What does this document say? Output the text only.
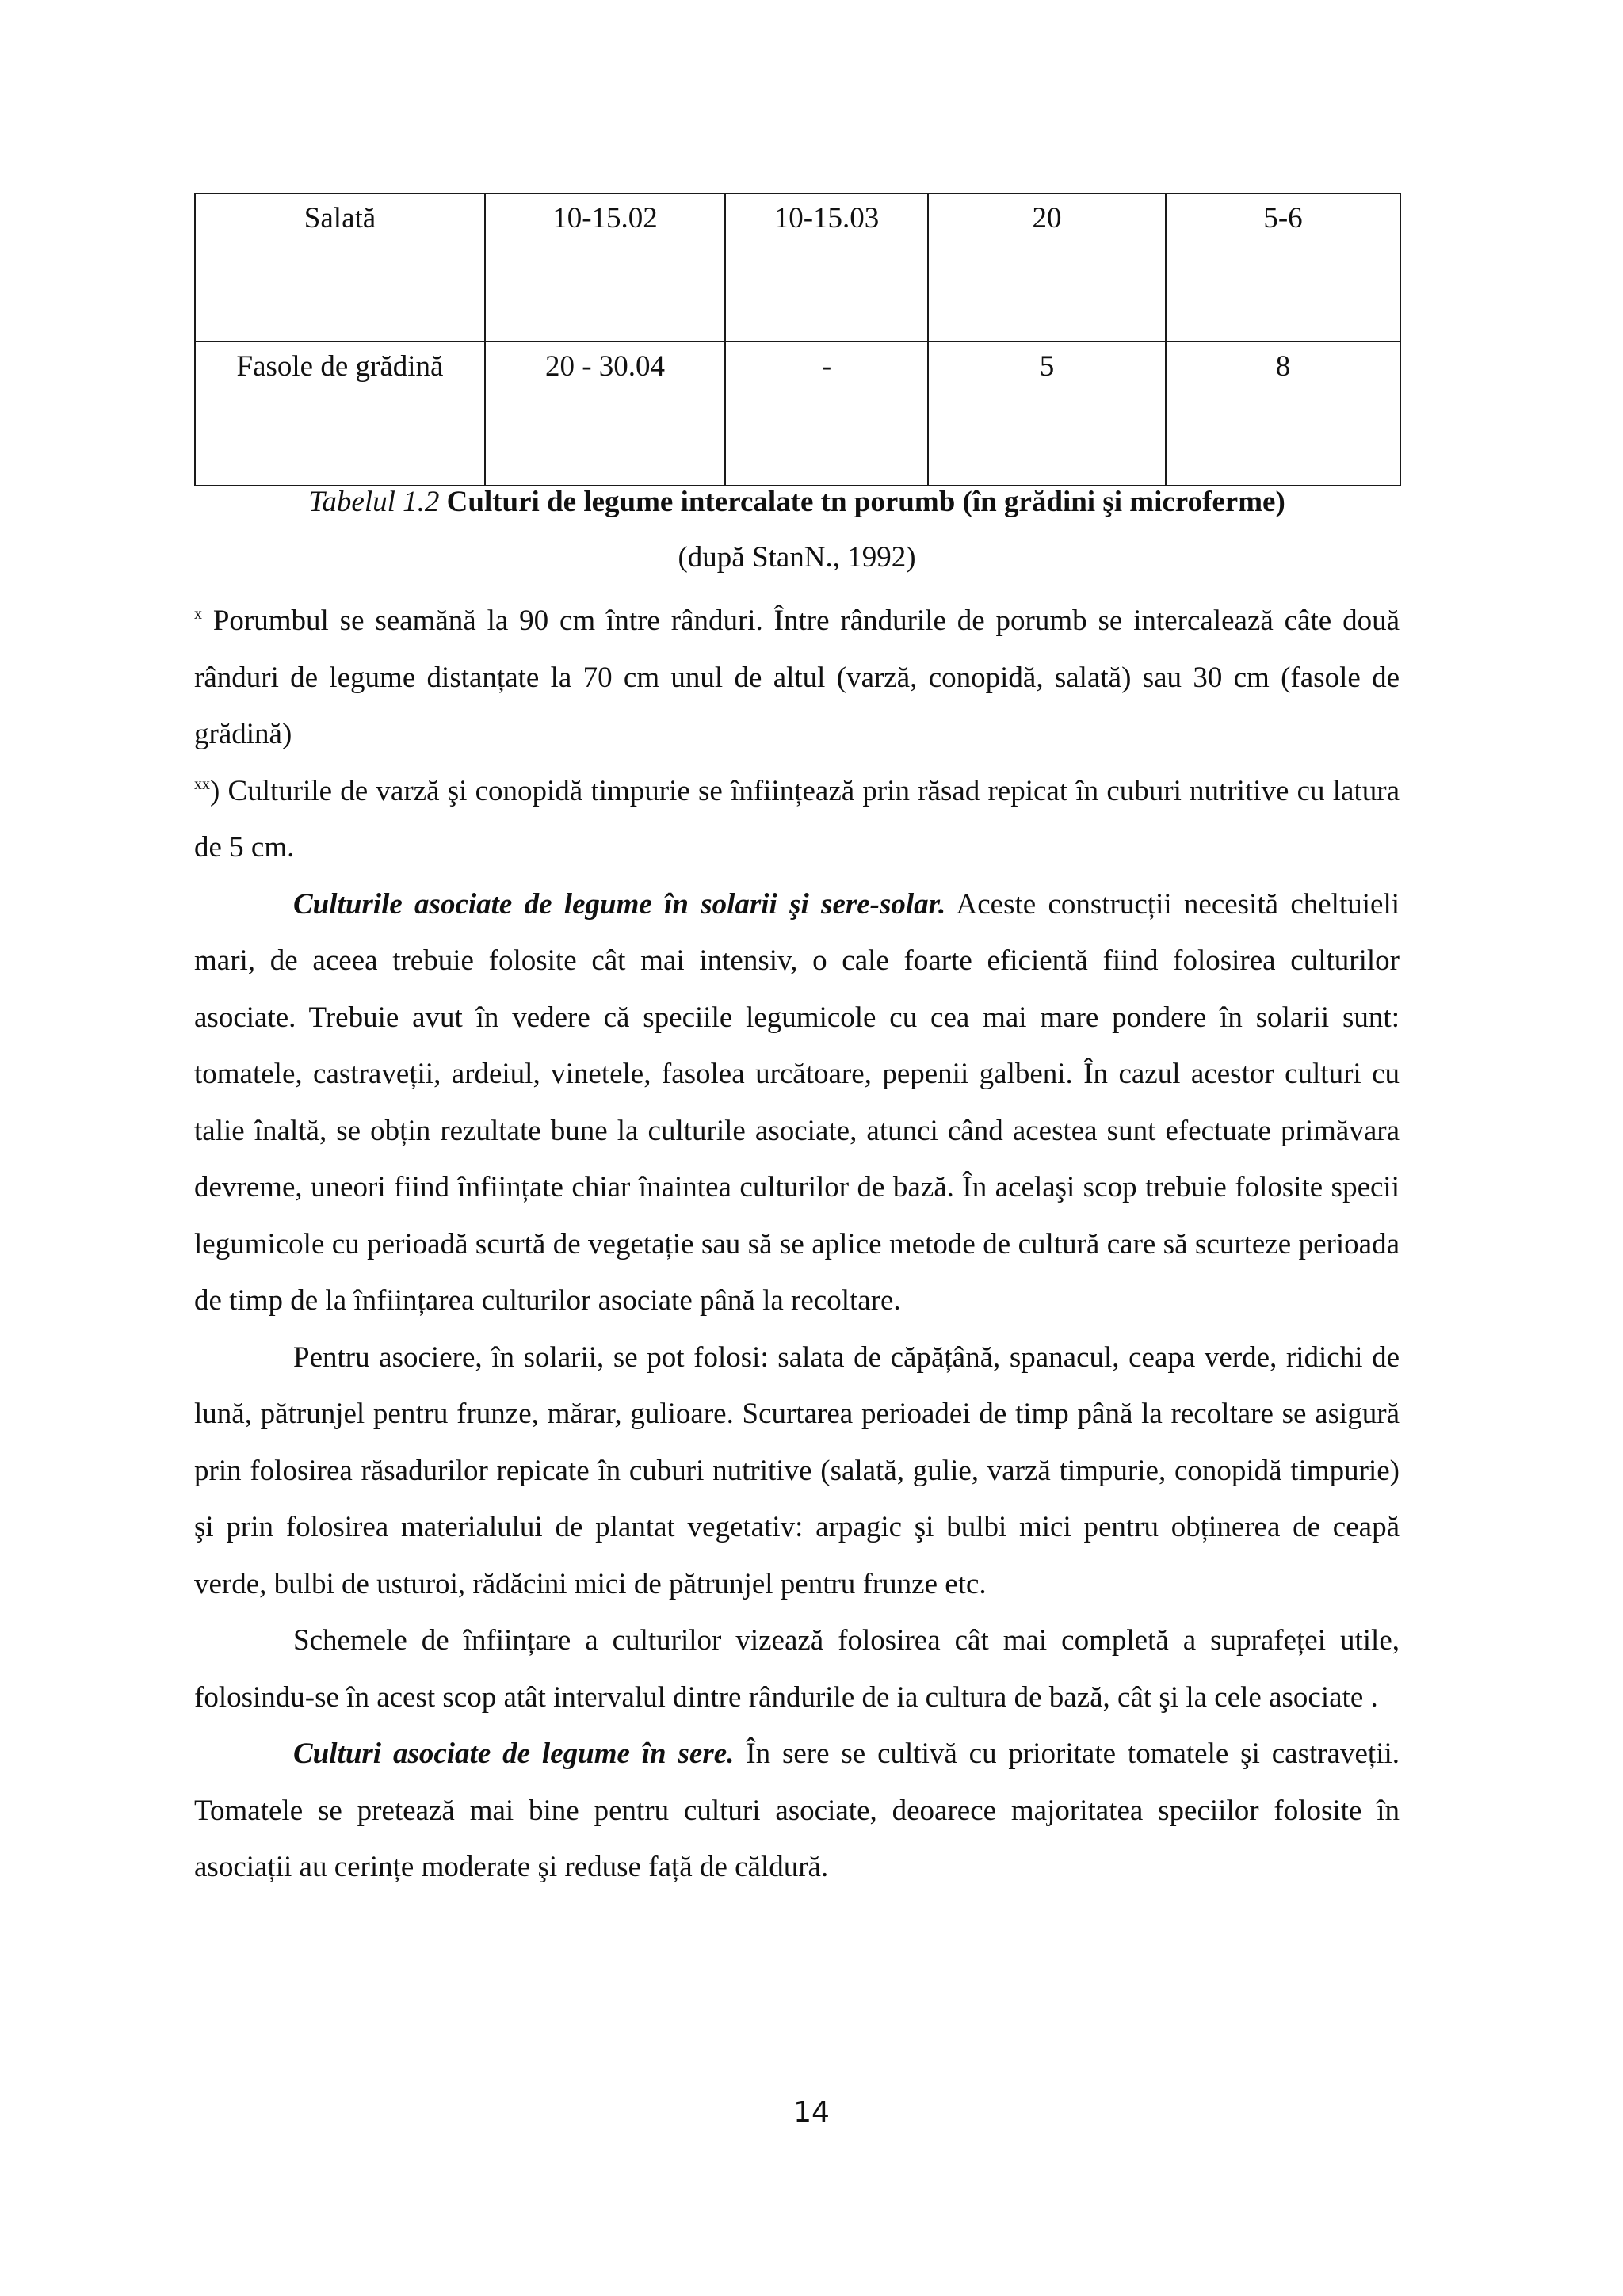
Salată	10-15.02	10-15.03	20	5-6
Fasole de grădină	20 - 30.04	-	5	8
Tabelul 1.2 Culturi de legume intercalate tn porumb (în grădini şi microferme)
(după StanN., 1992)

$^x$ Porumbul se seamănă la 90 cm între rânduri. Între rândurile de porumb se intercalează câte două rânduri de legume distanțate la 70 cm unul de altul (varză, conopidă, salată) sau 30 cm (fasole de grădină)

$^{xx}$) Culturile de varză şi conopidă timpurie se înființează prin răsad repicat în cuburi nutritive cu latura de 5 cm.

Culturile asociate de legume în solarii şi sere-solar. Aceste construcții necesită cheltuieli mari, de aceea trebuie folosite cât mai intensiv, o cale foarte eficientă fiind folosirea culturilor asociate. Trebuie avut în vedere că speciile legumicole cu cea mai mare pondere în solarii sunt: tomatele, castraveții, ardeiul, vinetele, fasolea urcătoare, pepenii galbeni. În cazul acestor culturi cu talie înaltă, se obțin rezultate bune la culturile asociate, atunci când acestea sunt efectuate primăvara devreme, uneori fiind înființate chiar înaintea culturilor de bază. În acelaşi scop trebuie folosite specii legumicole cu perioadă scurtă de vegetație sau să se aplice metode de cultură care să scurteze perioada de timp de la înființarea culturilor asociate până la recoltare.

Pentru asociere, în solarii, se pot folosi: salata de căpățână, spanacul, ceapa verde, ridichi de lună, pătrunjel pentru frunze, mărar, gulioare. Scurtarea perioadei de timp până la recoltare se asigură prin folosirea răsadurilor repicate în cuburi nutritive (salată, gulie, varză timpurie, conopidă timpurie) şi prin folosirea materialului de plantat vegetativ: arpagic şi bulbi mici pentru obținerea de ceapă verde, bulbi de usturoi, rădăcini mici de pătrunjel pentru frunze etc.

Schemele de înființare a culturilor vizează folosirea cât mai completă a suprafeței utile, folosindu-se în acest scop atât intervalul dintre rândurile de ia cultura de bază, cât şi la cele asociate .

Culturi asociate de legume în sere. În sere se cultivă cu prioritate tomatele şi castraveții. Tomatele se pretează mai bine pentru culturi asociate, deoarece majoritatea speciilor folosite în asociații au cerințe moderate şi reduse față de căldură.

14
